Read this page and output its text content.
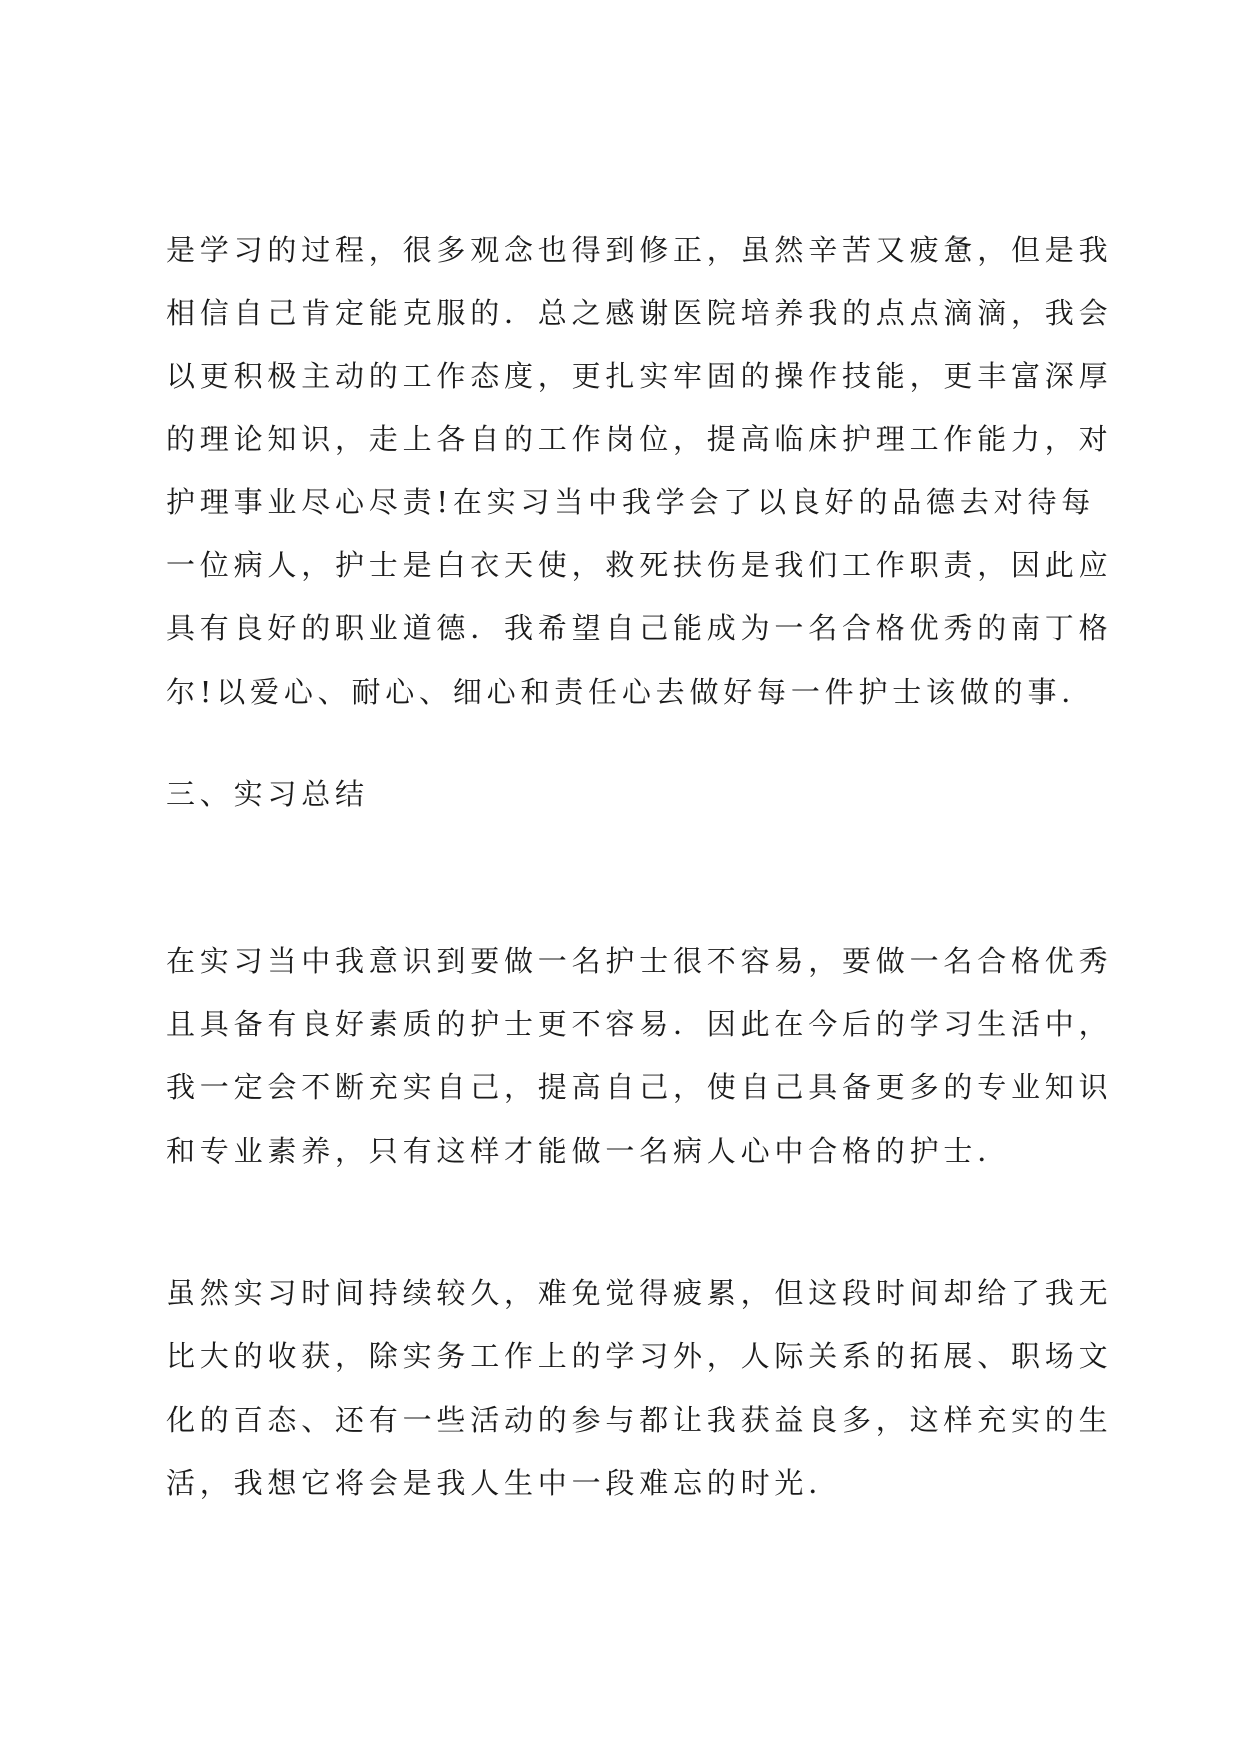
是学习的过程，很多观念也得到修正，虽然辛苦又疲惫，但是我
相信自己肯定能克服的．总之感谢医院培养我的点点滴滴，我会
以更积极主动的工作态度，更扎实牢固的操作技能，更丰富深厚
的理论知识，走上各自的工作岗位，提高临床护理工作能力，对
护理事业尽心尽责!在实习当中我学会了以良好的品德去对待每
一位病人，护士是白衣天使，救死扶伤是我们工作职责，因此应
具有良好的职业道德．我希望自己能成为一名合格优秀的南丁格
尔!以爱心、耐心、细心和责任心去做好每一件护士该做的事．
三、实习总结
在实习当中我意识到要做一名护士很不容易，要做一名合格优秀
且具备有良好素质的护士更不容易．因此在今后的学习生活中，
我一定会不断充实自己，提高自己，使自己具备更多的专业知识
和专业素养，只有这样才能做一名病人心中合格的护士．
虽然实习时间持续较久，难免觉得疲累，但这段时间却给了我无
比大的收获，除实务工作上的学习外，人际关系的拓展、职场文
化的百态、还有一些活动的参与都让我获益良多，这样充实的生
活，我想它将会是我人生中一段难忘的时光．
